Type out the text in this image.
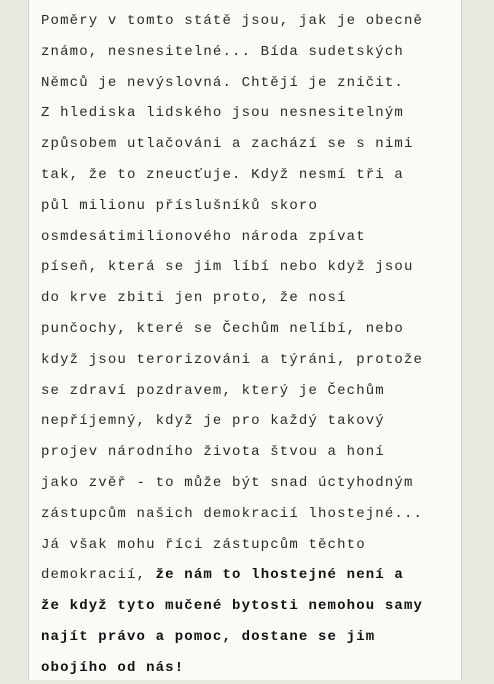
Poměry v tomto státě jsou, jak je obecně
známo, nesnesitelné... Bída sudetských
Němců je nevýslovná. Chtějí je zničit.
Z hlediska lidského jsou nesnesitelným
způsobem utlačováni a zachází se s nimi
tak, že to zneucťuje. Když nesmí tři a
půl milionu příslušníků skoro
osmdesátimilionového národa zpívat
píseň, která se jim líbí nebo když jsou
do krve zbiti jen proto, že nosí
punčochy, které se Čechům nelíbí, nebo
když jsou terorizováni a týráni, protože
se zdraví pozdravem, který je Čechům
nepříjemný, když je pro každý takový
projev národního života štvou a honí
jako zvěř - to může být snad úctyhodným
zástupcům našich demokracií lhostejné...
Já však mohu říci zástupcům těchto
demokracií, že nám to lhostejné není a
že když tyto mučené bytosti nemohou samy
najít právo a pomoc, dostane se jim
obojího od nás!
